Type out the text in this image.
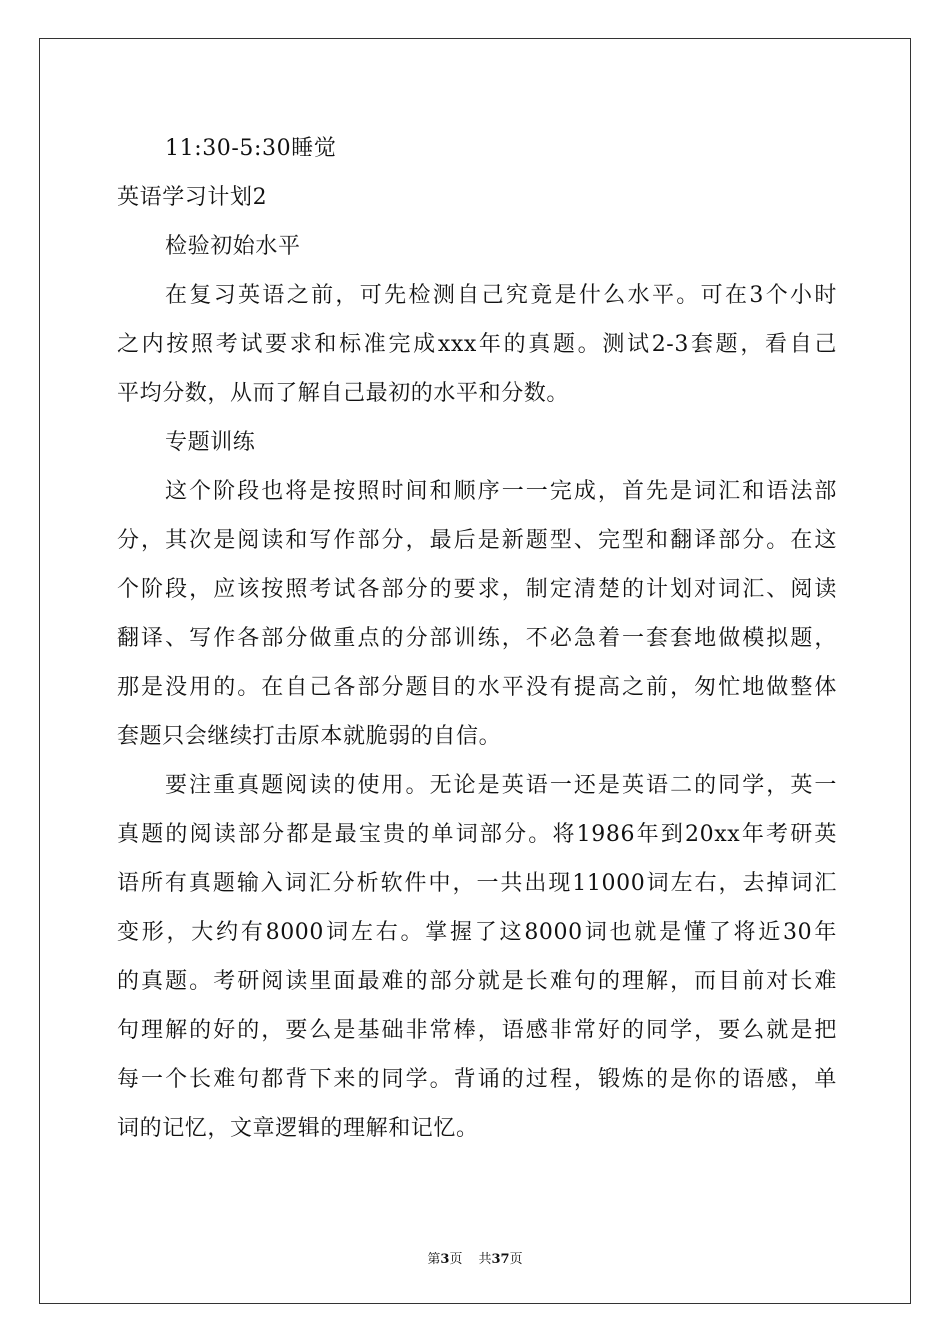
11:30-5:30睡觉
英语学习计划2
检验初始水平
在复习英语之前，可先检测自己究竟是什么水平。可在3个小时
之内按照考试要求和标准完成xxx年的真题。测试2-3套题，看自己
平均分数，从而了解自己最初的水平和分数。
专题训练
这个阶段也将是按照时间和顺序一一完成，首先是词汇和语法部
分，其次是阅读和写作部分，最后是新题型、完型和翻译部分。在这
个阶段，应该按照考试各部分的要求，制定清楚的计划对词汇、阅读
翻译、写作各部分做重点的分部训练，不必急着一套套地做模拟题，
那是没用的。在自己各部分题目的水平没有提高之前，匆忙地做整体
套题只会继续打击原本就脆弱的自信。
要注重真题阅读的使用。无论是英语一还是英语二的同学，英一
真题的阅读部分都是最宝贵的单词部分。将1986年到20xx年考研英
语所有真题输入词汇分析软件中，一共出现11000词左右，去掉词汇
变形，大约有8000词左右。掌握了这8000词也就是懂了将近30年
的真题。考研阅读里面最难的部分就是长难句的理解，而目前对长难
句理解的好的，要么是基础非常棒，语感非常好的同学，要么就是把
每一个长难句都背下来的同学。背诵的过程，锻炼的是你的语感，单
词的记忆，文章逻辑的理解和记忆。
第3页 共37页
